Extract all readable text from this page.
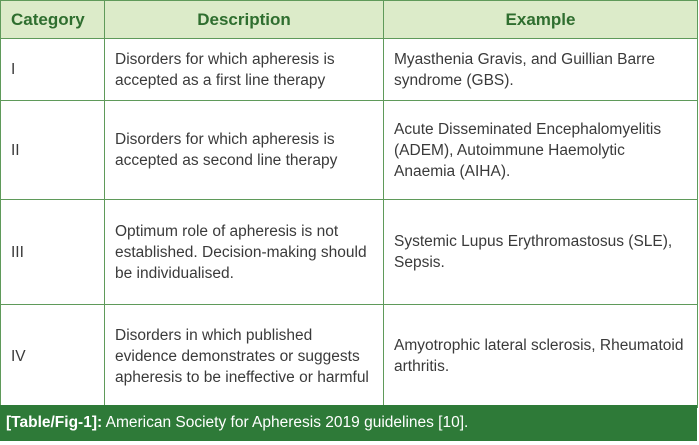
Category	Description	Example
I	Disorders for which apheresis is accepted as a first line therapy	Myasthenia Gravis, and Guillian Barre syndrome (GBS).
II	Disorders for which apheresis is accepted as second line therapy	Acute Disseminated Encephalomyelitis (ADEM), Autoimmune Haemolytic Anaemia (AIHA).
III	Optimum role of apheresis is not established. Decision-making should be individualised.	Systemic Lupus Erythromastosus (SLE), Sepsis.
IV	Disorders in which published evidence demonstrates or suggests apheresis to be ineffective or harmful	Amyotrophic lateral sclerosis, Rheumatoid arthritis.
[Table/Fig-1]: American Society for Apheresis 2019 guidelines [10].
